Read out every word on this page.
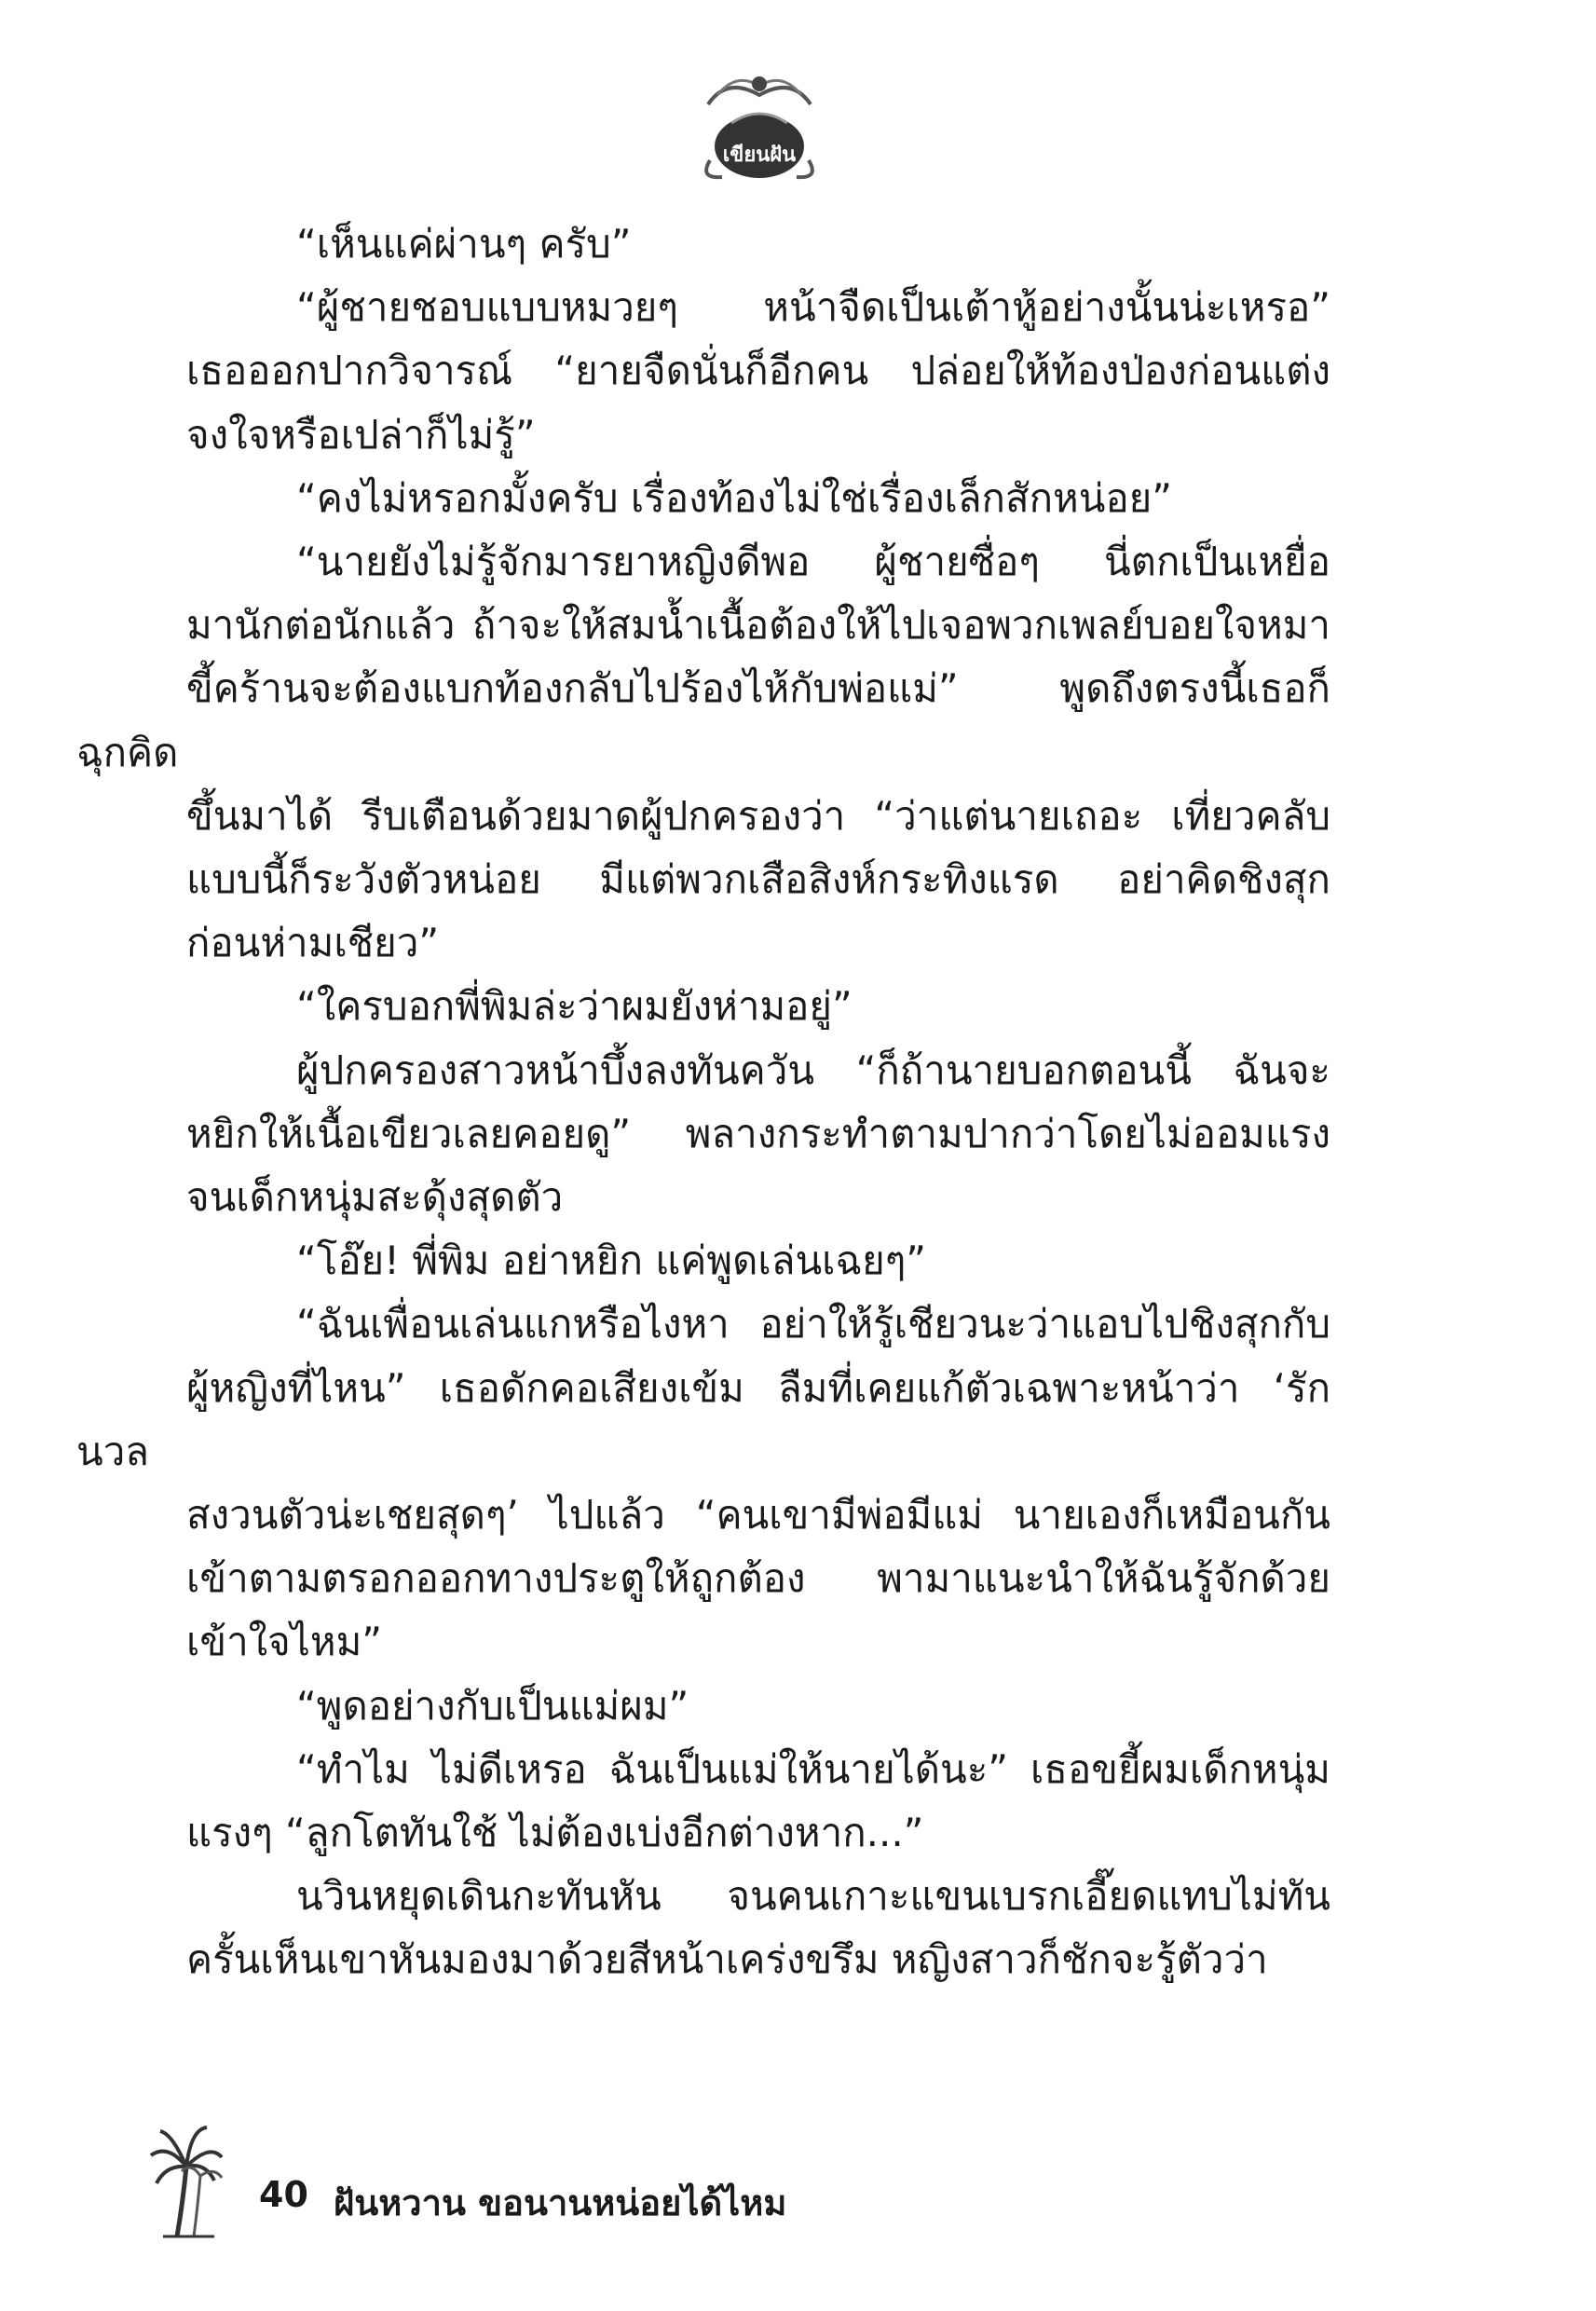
เขียนฝัน

“เห็นแค่ผ่านๆ ครับ”

“ผู้ชายชอบแบบหมวยๆ หน้าจืดเป็นเต้าหู้อย่างนั้นน่ะเหรอ”
เธอออกปากวิจารณ์ “ยายจืดนั่นก็อีกคน ปล่อยให้ท้องป่องก่อนแต่ง
จงใจหรือเปล่าก็ไม่รู้”

“คงไม่หรอกมั้งครับ เรื่องท้องไม่ใช่เรื่องเล็กสักหน่อย”

“นายยังไม่รู้จักมารยาหญิงดีพอ ผู้ชายซื่อๆ นี่ตกเป็นเหยื่อ
มานักต่อนักแล้ว ถ้าจะให้สมน้ำเนื้อต้องให้ไปเจอพวกเพลย์บอยใจหมา
ขี้คร้านจะต้องแบกท้องกลับไปร้องไห้กับพ่อแม่” พูดถึงตรงนี้เธอก็ฉุกคิด
ขึ้นมาได้ รีบเตือนด้วยมาดผู้ปกครองว่า “ว่าแต่นายเถอะ เที่ยวคลับ
แบบนี้ก็ระวังตัวหน่อย มีแต่พวกเสือสิงห์กระทิงแรด อย่าคิดชิงสุก
ก่อนห่ามเชียว”

“ใครบอกพี่พิมล่ะว่าผมยังห่ามอยู่”

ผู้ปกครองสาวหน้าบึ้งลงทันควัน “ก็ถ้านายบอกตอนนี้ ฉันจะ
หยิกให้เนื้อเขียวเลยคอยดู” พลางกระทำตามปากว่าโดยไม่ออมแรง
จนเด็กหนุ่มสะดุ้งสุดตัว

“โอ๊ย! พี่พิม อย่าหยิก แค่พูดเล่นเฉยๆ”

“ฉันเพื่อนเล่นแกหรือไงหา อย่าให้รู้เชียวนะว่าแอบไปชิงสุกกับ
ผู้หญิงที่ไหน” เธอดักคอเสียงเข้ม ลืมที่เคยแก้ตัวเฉพาะหน้าว่า ‘รักนวล
สงวนตัวน่ะเชยสุดๆ’ ไปแล้ว “คนเขามีพ่อมีแม่ นายเองก็เหมือนกัน
เข้าตามตรอกออกทางประตูให้ถูกต้อง พามาแนะนำให้ฉันรู้จักด้วย
เข้าใจไหม”

“พูดอย่างกับเป็นแม่ผม”

“ทำไม ไม่ดีเหรอ ฉันเป็นแม่ให้นายได้นะ” เธอขยี้ผมเด็กหนุ่ม
แรงๆ “ลูกโตทันใช้ ไม่ต้องเบ่งอีกต่างหาก...”

นวินหยุดเดินกะทันหัน จนคนเกาะแขนเบรกเอี๊ยดแทบไม่ทัน
ครั้นเห็นเขาหันมองมาด้วยสีหน้าเคร่งขรึม หญิงสาวก็ชักจะรู้ตัวว่า

40 ฝันหวาน ขอนานหน่อยได้ไหม
